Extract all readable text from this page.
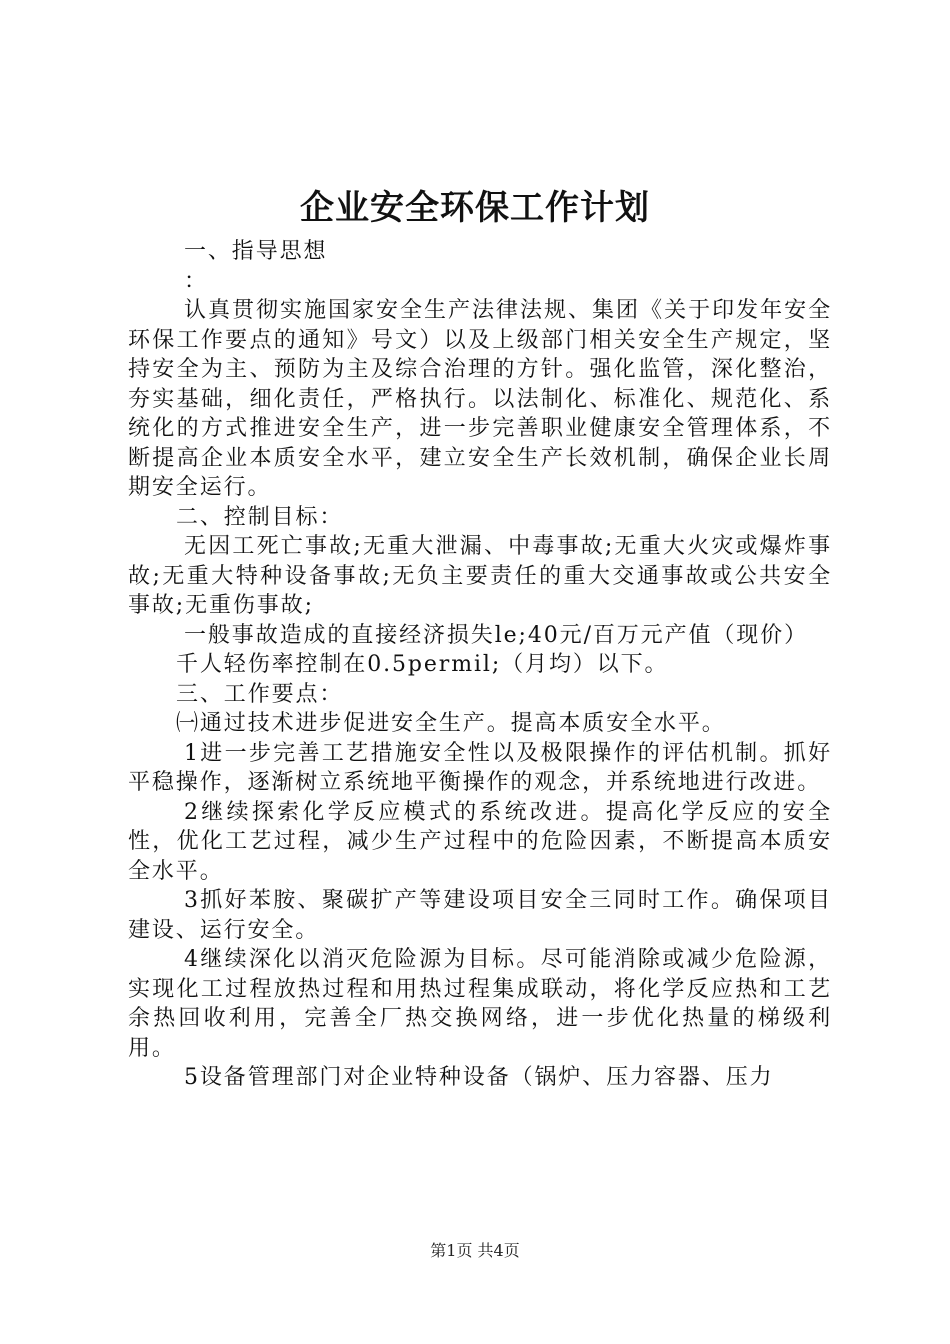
企业安全环保工作计划

一、指导思想

：

认真贯彻实施国家安全生产法律法规、集团《关于印发年安全环保工作要点的通知》号文）以及上级部门相关安全生产规定，坚持安全为主、预防为主及综合治理的方针。强化监管，深化整治，夯实基础，细化责任，严格执行。以法制化、标准化、规范化、系统化的方式推进安全生产，进一步完善职业健康安全管理体系，不断提高企业本质安全水平，建立安全生产长效机制，确保企业长周期安全运行。

二、控制目标：

无因工死亡事故;无重大泄漏、中毒事故;无重大火灾或爆炸事故;无重大特种设备事故;无负主要责任的重大交通事故或公共安全事故;无重伤事故;

一般事故造成的直接经济损失le;40元/百万元产值（现价）

千人轻伤率控制在0.5permil;（月均）以下。

三、工作要点：

㈠通过技术进步促进安全生产。提高本质安全水平。

1进一步完善工艺措施安全性以及极限操作的评估机制。抓好平稳操作，逐渐树立系统地平衡操作的观念，并系统地进行改进。

2继续探索化学反应模式的系统改进。提高化学反应的安全性，优化工艺过程，减少生产过程中的危险因素，不断提高本质安全水平。

3抓好苯胺、聚碳扩产等建设项目安全三同时工作。确保项目建设、运行安全。

4继续深化以消灭危险源为目标。尽可能消除或减少危险源，实现化工过程放热过程和用热过程集成联动，将化学反应热和工艺余热回收利用，完善全厂热交换网络，进一步优化热量的梯级利用。

5设备管理部门对企业特种设备（锅炉、压力容器、压力

第1页 共4页
